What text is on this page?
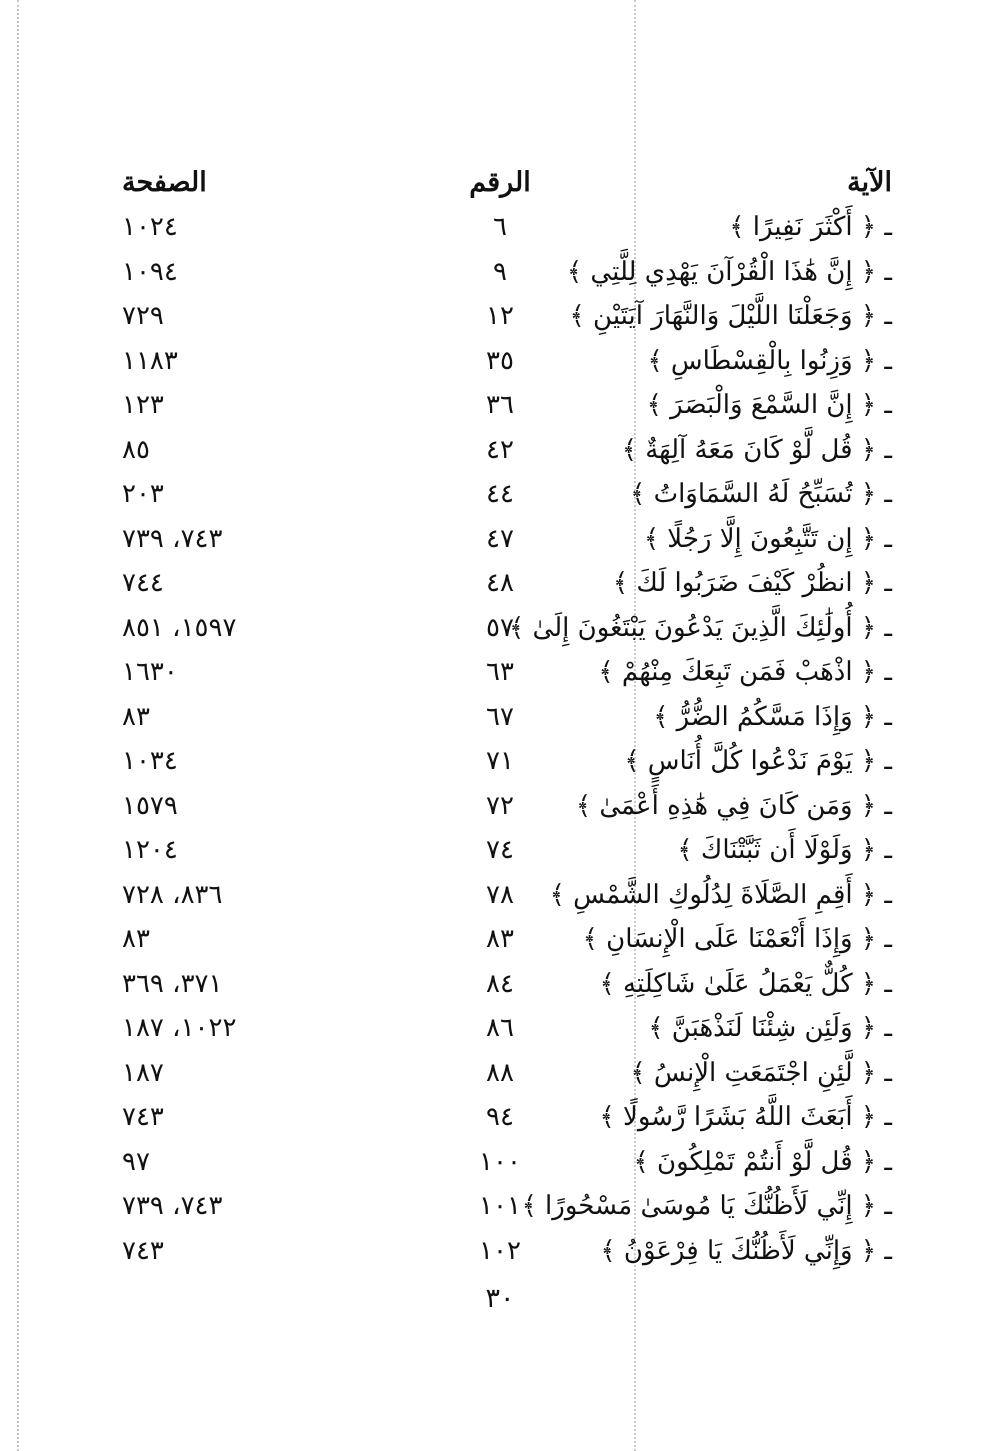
الآية
الرقم
الصفحة
ـ ﴿ أَكْثَرَ نَفِيرًا ﴾
٦
١٠٢٤
ـ ﴿ إِنَّ هَٰذَا الْقُرْآنَ يَهْدِي لِلَّتِي ﴾
٩
١٠٩٤
ـ ﴿ وَجَعَلْنَا اللَّيْلَ وَالنَّهَارَ آيَتَيْنِ ﴾
١٢
٧٢٩
ـ ﴿ وَزِنُوا بِالْقِسْطَاسِ ﴾
٣٥
١١٨٣
ـ ﴿ إِنَّ السَّمْعَ وَالْبَصَرَ ﴾
٣٦
١٢٣
ـ ﴿ قُل لَّوْ كَانَ مَعَهُ آلِهَةٌ ﴾
٤٢
٨٥
ـ ﴿ تُسَبِّحُ لَهُ السَّمَاوَاتُ ﴾
٤٤
٢٠٣
ـ ﴿ إِن تَتَّبِعُونَ إِلَّا رَجُلًا ﴾
٤٧
٧٤٣، ٧٣٩
ـ ﴿ انظُرْ كَيْفَ ضَرَبُوا لَكَ ﴾
٤٨
٧٤٤
ـ ﴿ أُولَٰئِكَ الَّذِينَ يَدْعُونَ يَبْتَغُونَ إِلَىٰ ﴾
٥٧
١٥٩٧، ٨٥١
ـ ﴿ اذْهَبْ فَمَن تَبِعَكَ مِنْهُمْ ﴾
٦٣
١٦٣٠
ـ ﴿ وَإِذَا مَسَّكُمُ الضُّرُّ ﴾
٦٧
٨٣
ـ ﴿ يَوْمَ نَدْعُوا كُلَّ أُنَاسٍ ﴾
٧١
١٠٣٤
ـ ﴿ وَمَن كَانَ فِي هَٰذِهِ أَعْمَىٰ ﴾
٧٢
١٥٧٩
ـ ﴿ وَلَوْلَا أَن ثَبَّتْنَاكَ ﴾
٧٤
١٢٠٤
ـ ﴿ أَقِمِ الصَّلَاةَ لِدُلُوكِ الشَّمْسِ ﴾
٧٨
٨٣٦، ٧٢٨
ـ ﴿ وَإِذَا أَنْعَمْنَا عَلَى الْإِنسَانِ ﴾
٨٣
٨٣
ـ ﴿ كُلٌّ يَعْمَلُ عَلَىٰ شَاكِلَتِهِ ﴾
٨٤
٣٧١، ٣٦٩
ـ ﴿ وَلَئِن شِئْنَا لَنَذْهَبَنَّ ﴾
٨٦
١٠٢٢، ١٨٧
ـ ﴿ لَّئِنِ اجْتَمَعَتِ الْإِنسُ ﴾
٨٨
١٨٧
ـ ﴿ أَبَعَثَ اللَّهُ بَشَرًا رَّسُولًا ﴾
٩٤
٧٤٣
ـ ﴿ قُل لَّوْ أَنتُمْ تَمْلِكُونَ ﴾
١٠٠
٩٧
ـ ﴿ إِنِّي لَأَظُنُّكَ يَا مُوسَىٰ مَسْحُورًا ﴾
١٠١
٧٤٣، ٧٣٩
ـ ﴿ وَإِنِّي لَأَظُنُّكَ يَا فِرْعَوْنُ ﴾
١٠٢
٧٤٣
٣٠
